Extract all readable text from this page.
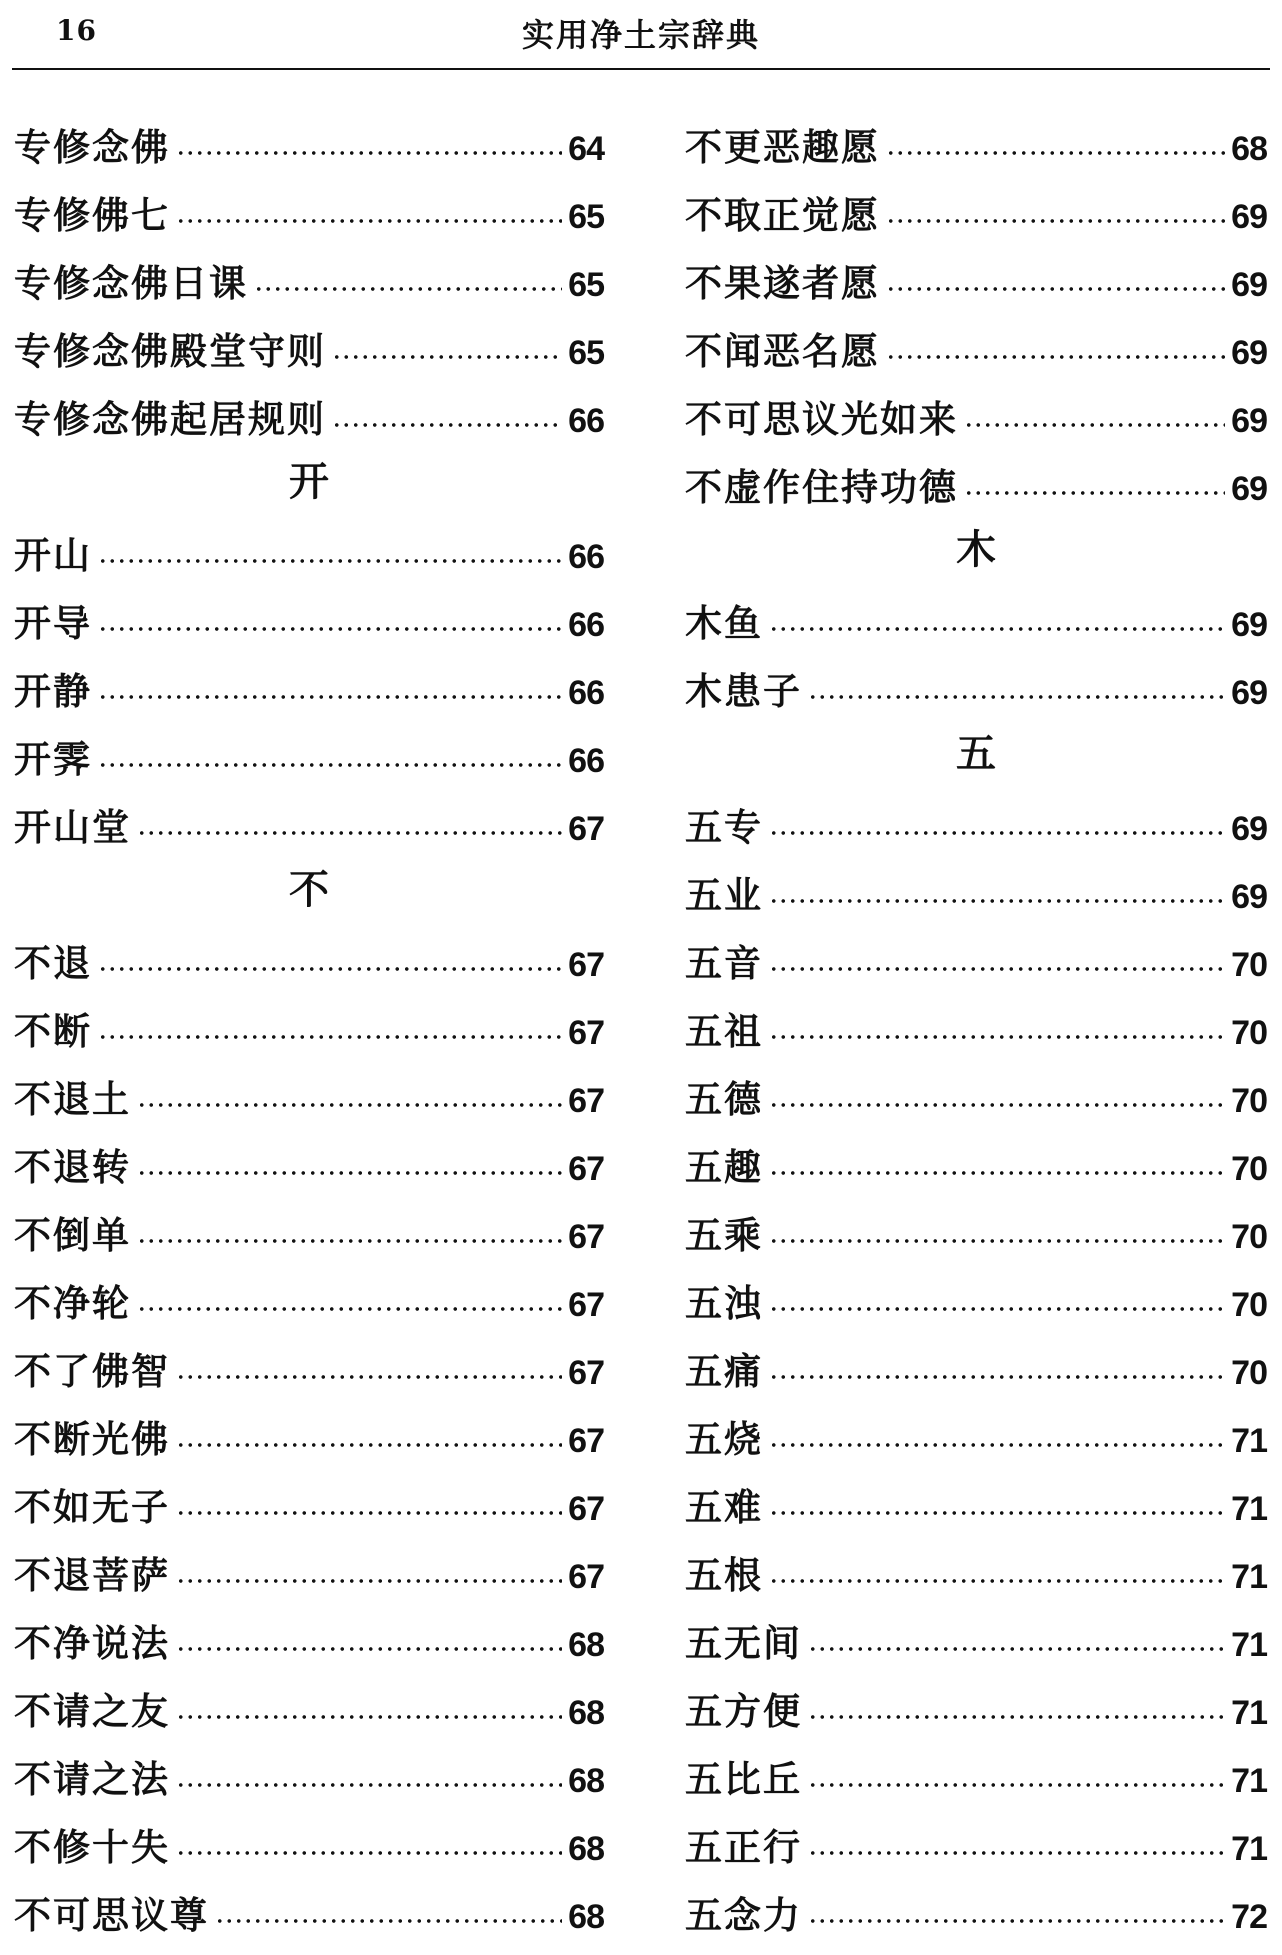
16	实用净土宗辞典
专修念佛	64
专修佛七	65
专修念佛日课	65
专修念佛殿堂守则	65
专修念佛起居规则	66
开
开山	66
开导	66
开静	66
开霁	66
开山堂	67
不
不退	67
不断	67
不退土	67
不退转	67
不倒单	67
不净轮	67
不了佛智	67
不断光佛	67
不如无子	67
不退菩萨	67
不净说法	68
不请之友	68
不请之法	68
不修十失	68
不可思议尊	68
不更恶趣愿	68
不取正觉愿	69
不果遂者愿	69
不闻恶名愿	69
不可思议光如来	69
不虚作住持功德	69
木
木鱼	69
木患子	69
五
五专	69
五业	69
五音	70
五祖	70
五德	70
五趣	70
五乘	70
五浊	70
五痛	70
五烧	71
五难	71
五根	71
五无间	71
五方便	71
五比丘	71
五正行	71
五念力	72
